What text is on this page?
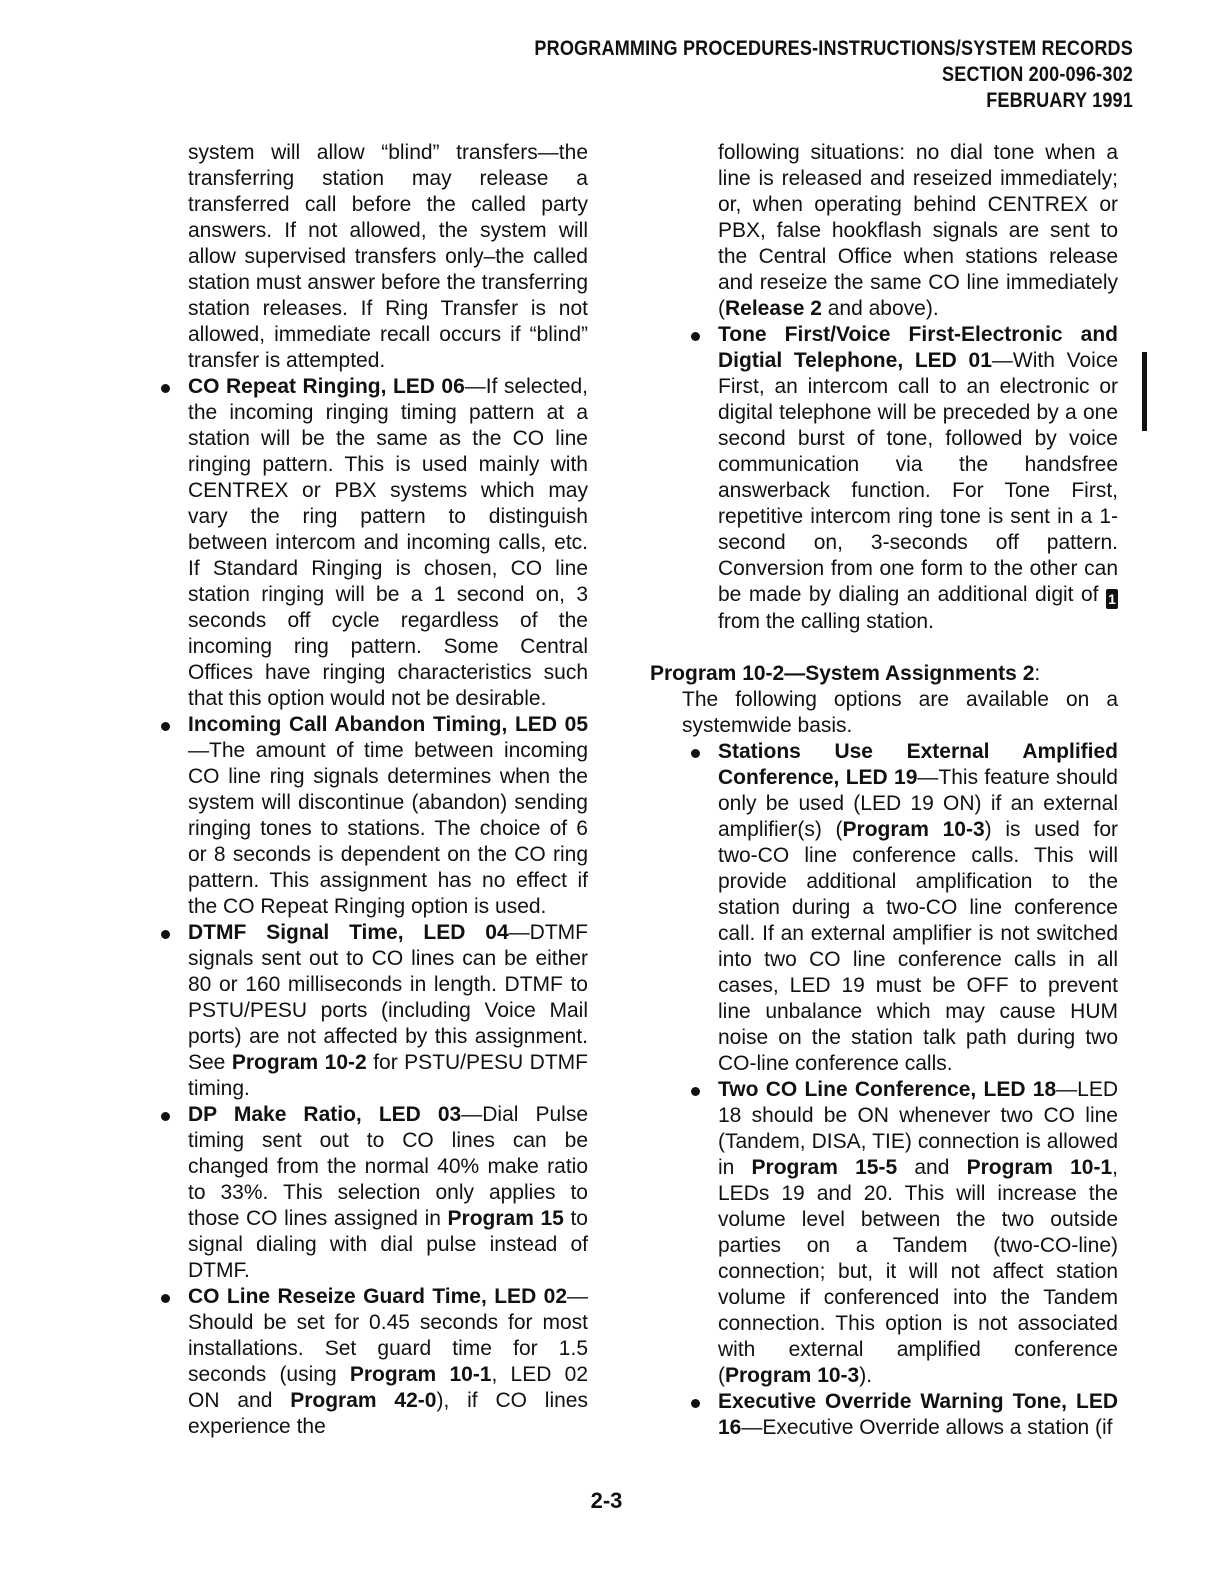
PROGRAMMING PROCEDURES-INSTRUCTIONS/SYSTEM RECORDS
SECTION 200-096-302
FEBRUARY 1991

system will allow “blind” transfers—the transferring station may release a transferred call before the called party answers. If not allowed, the system will allow supervised transfers only–the called station must answer before the transferring station releases. If Ring Transfer is not allowed, immediate recall occurs if “blind” transfer is attempted.

CO Repeat Ringing, LED 06—If selected, the incoming ringing timing pattern at a station will be the same as the CO line ringing pattern. This is used mainly with CENTREX or PBX systems which may vary the ring pattern to distinguish between intercom and incoming calls, etc. If Standard Ringing is chosen, CO line station ringing will be a 1 second on, 3 seconds off cycle regardless of the incoming ring pattern. Some Central Offices have ringing characteristics such that this option would not be desirable.
Incoming Call Abandon Timing, LED 05—The amount of time between incoming CO line ring signals determines when the system will discontinue (abandon) sending ringing tones to stations. The choice of 6 or 8 seconds is dependent on the CO ring pattern. This assignment has no effect if the CO Repeat Ringing option is used.
DTMF Signal Time, LED 04—DTMF signals sent out to CO lines can be either 80 or 160 milliseconds in length. DTMF to PSTU/PESU ports (including Voice Mail ports) are not affected by this assignment. See Program 10-2 for PSTU/PESU DTMF timing.
DP Make Ratio, LED 03—Dial Pulse timing sent out to CO lines can be changed from the normal 40% make ratio to 33%. This selection only applies to those CO lines assigned in Program 15 to signal dialing with dial pulse instead of DTMF.
CO Line Reseize Guard Time, LED 02— Should be set for 0.45 seconds for most installations. Set guard time for 1.5 seconds (using Program 10-1, LED 02 ON and Program 42-0), if CO lines experience the

following situations: no dial tone when a line is released and reseized immediately; or, when operating behind CENTREX or PBX, false hookflash signals are sent to the Central Office when stations release and reseize the same CO line immediately (Release 2 and above).

Tone First/Voice First-Electronic and Digtial Telephone, LED 01—With Voice First, an intercom call to an electronic or digital telephone will be preceded by a one second burst of tone, followed by voice communication via the handsfree answerback function. For Tone First, repetitive intercom ring tone is sent in a 1-second on, 3-seconds off pattern. Conversion from one form to the other can be made by dialing an additional digit of 1 from the calling station.
Program 10-2—System Assignments 2:
The following options are available on a systemwide basis.
Stations Use External Amplified Conference, LED 19—This feature should only be used (LED 19 ON) if an external amplifier(s) (Program 10-3) is used for two-CO line conference calls. This will provide additional amplification to the station during a two-CO line conference call. If an external amplifier is not switched into two CO line conference calls in all cases, LED 19 must be OFF to prevent line unbalance which may cause HUM noise on the station talk path during two CO-line conference calls.
Two CO Line Conference, LED 18—LED 18 should be ON whenever two CO line (Tandem, DISA, TIE) connection is allowed in Program 15-5 and Program 10-1, LEDs 19 and 20. This will increase the volume level between the two outside parties on a Tandem (two-CO-line) connection; but, it will not affect station volume if conferenced into the Tandem connection. This option is not associated with external amplified conference (Program 10-3).
Executive Override Warning Tone, LED 16—Executive Override allows a station (if
2-3
